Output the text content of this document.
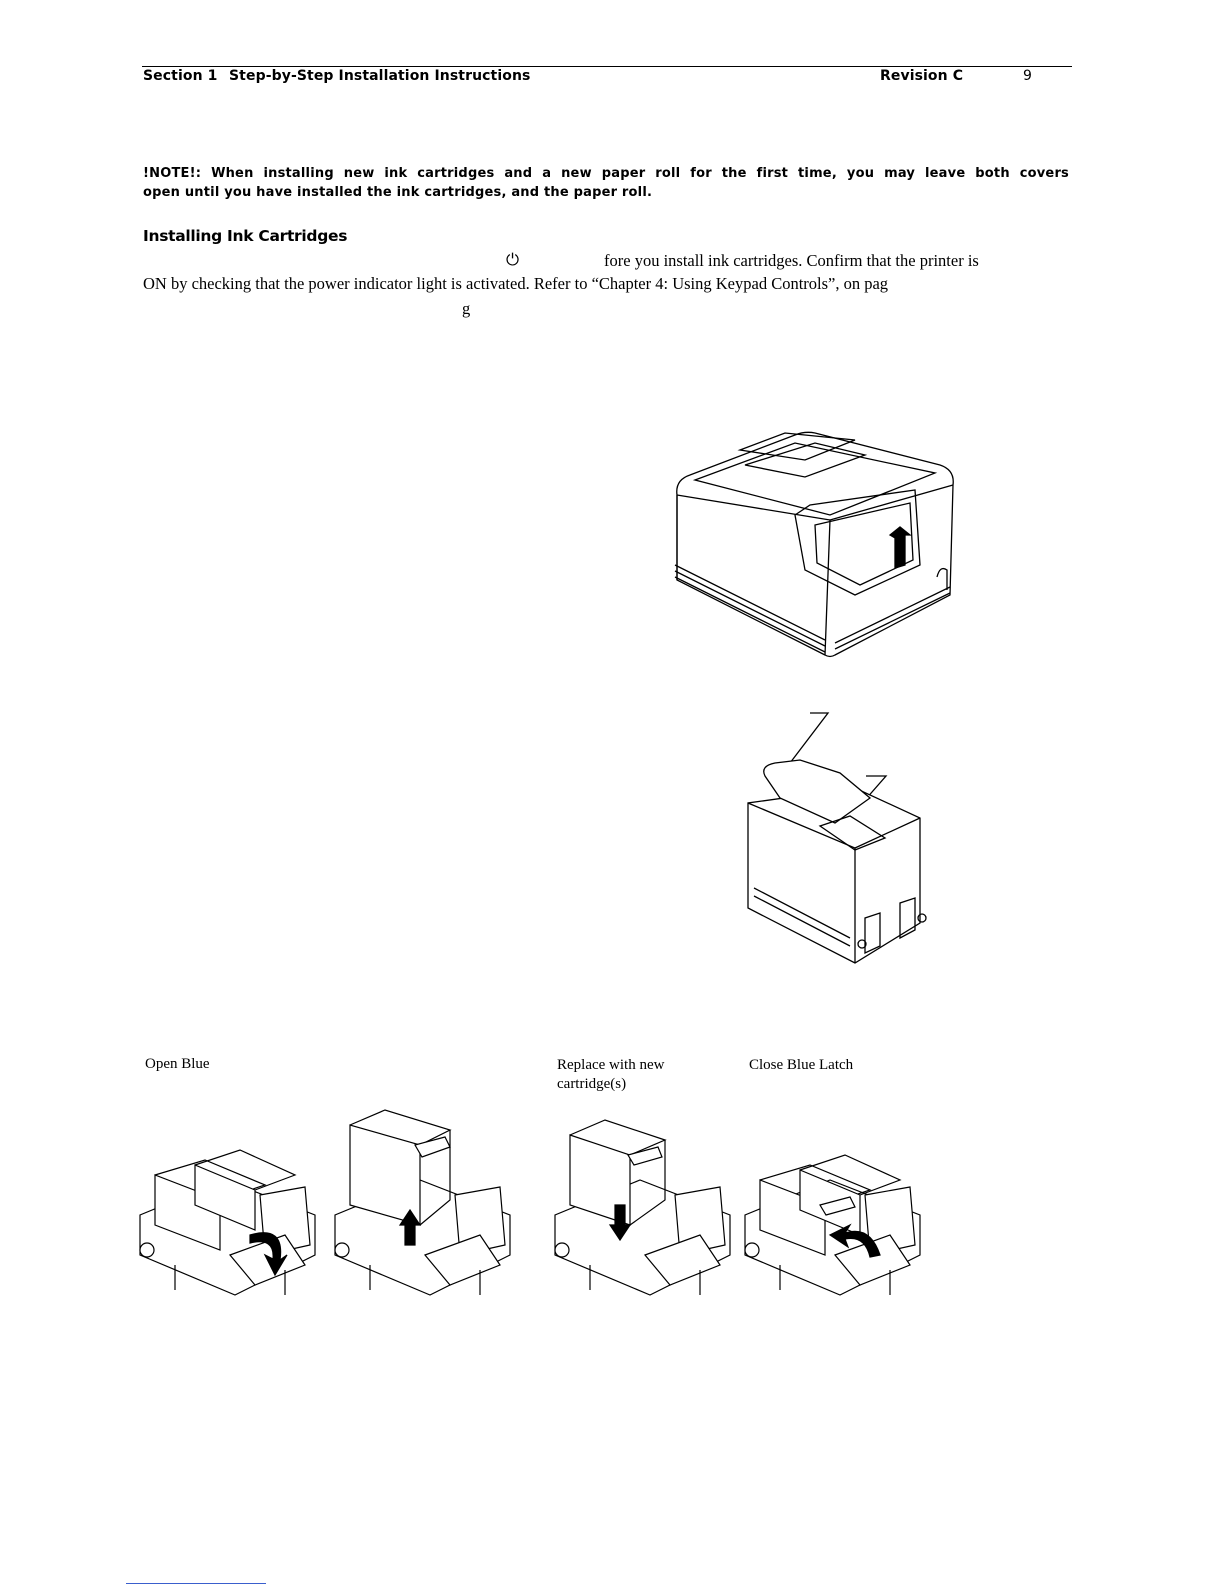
Section 1 Step-by-Step Installation Instructions	Revision C	9
!NOTE!: When installing new ink cartridges and a new paper roll for the first time, you may leave both covers
open until you have installed the ink cartridges, and the paper roll.
Installing Ink Cartridges
⏻	fore you install ink cartridges. Confirm that the printer is
ON by checking that the power indicator light is activated. Refer to “Chapter 4: Using Keypad Controls”, on pag
g
Open Blue	Replace with new cartridge(s)
Close Blue Latch
